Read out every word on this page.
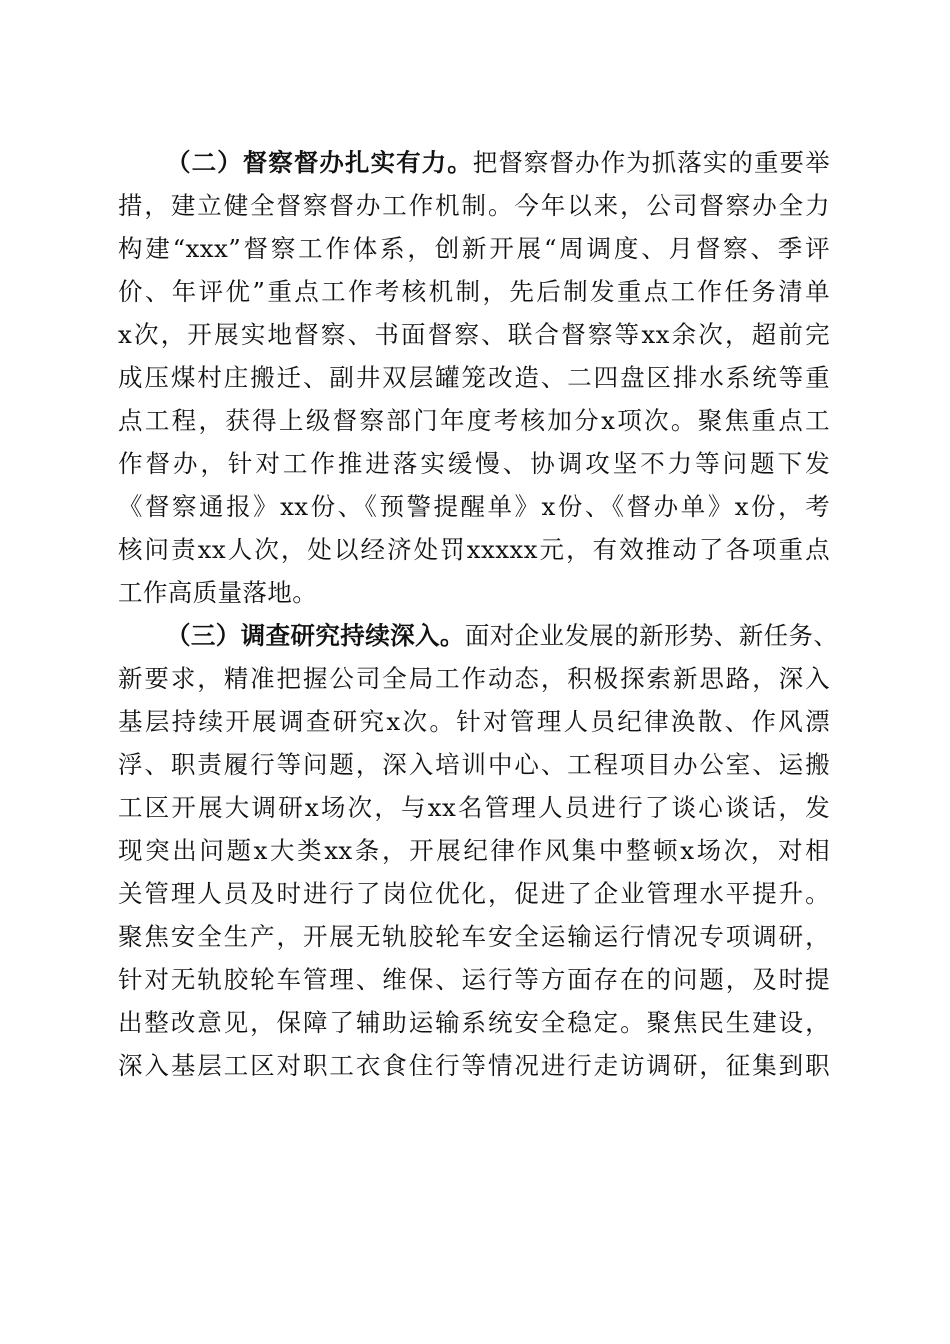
（二）督察督办扎实有力。把督察督办作为抓落实的重要举
措，建立健全督察督办工作机制。今年以来，公司督察办全力
构建“xxx”督察工作体系，创新开展“周调度、月督察、季评
价、年评优”重点工作考核机制，先后制发重点工作任务清单
x次，开展实地督察、书面督察、联合督察等xx余次，超前完
成压煤村庄搬迁、副井双层罐笼改造、二四盘区排水系统等重
点工程，获得上级督察部门年度考核加分x项次。聚焦重点工
作督办，针对工作推进落实缓慢、协调攻坚不力等问题下发
《督察通报》xx份、《预警提醒单》x份、《督办单》x份，考
核问责xx人次，处以经济处罚xxxxx元，有效推动了各项重点
工作高质量落地。
（三）调查研究持续深入。面对企业发展的新形势、新任务、
新要求，精准把握公司全局工作动态，积极探索新思路，深入
基层持续开展调查研究x次。针对管理人员纪律涣散、作风漂
浮、职责履行等问题，深入培训中心、工程项目办公室、运搬
工区开展大调研x场次，与xx名管理人员进行了谈心谈话，发
现突出问题x大类xx条，开展纪律作风集中整顿x场次，对相
关管理人员及时进行了岗位优化，促进了企业管理水平提升。
聚焦安全生产，开展无轨胶轮车安全运输运行情况专项调研，
针对无轨胶轮车管理、维保、运行等方面存在的问题，及时提
出整改意见，保障了辅助运输系统安全稳定。聚焦民生建设，
深入基层工区对职工衣食住行等情况进行走访调研，征集到职
